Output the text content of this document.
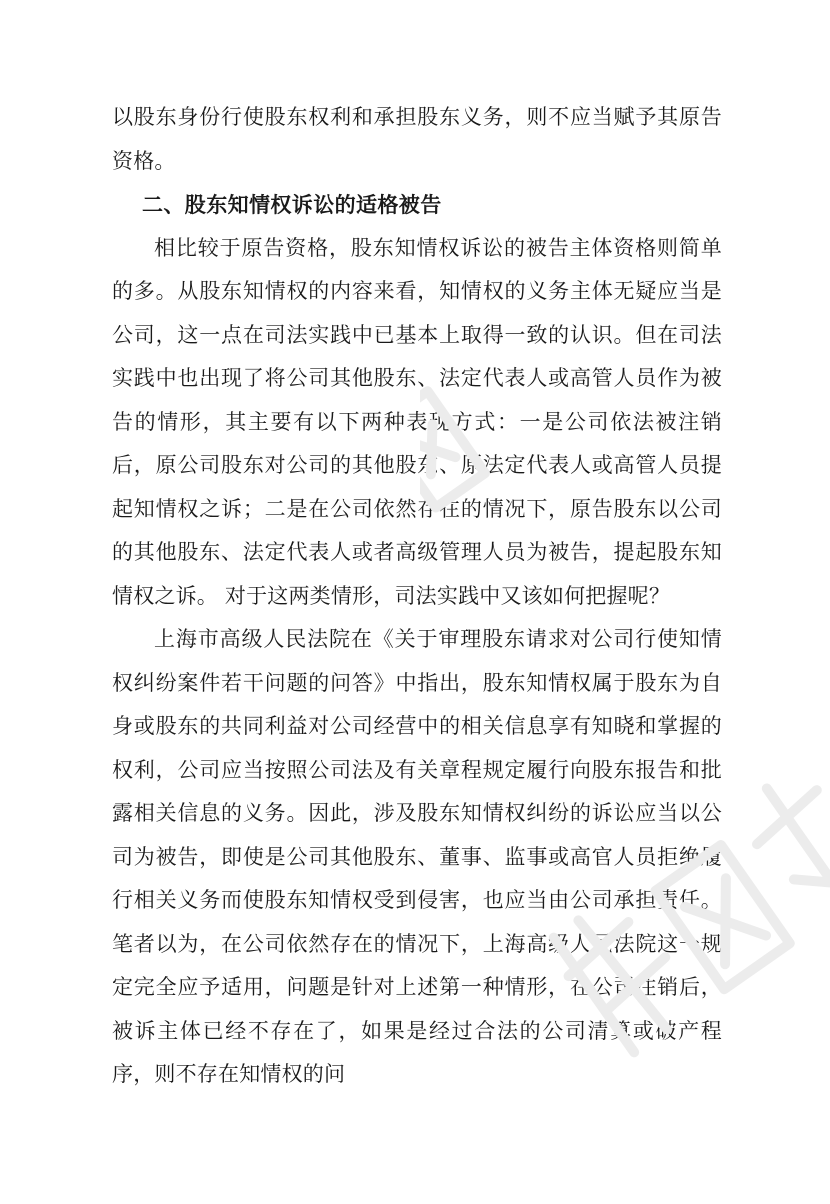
以股东身份行使股东权利和承担股东义务，则不应当赋予其原告资格。

二、股东知情权诉讼的适格被告

相比较于原告资格，股东知情权诉讼的被告主体资格则简单的多。从股东知情权的内容来看，知情权的义务主体无疑应当是公司，这一点在司法实践中已基本上取得一致的认识。但在司法实践中也出现了将公司其他股东、法定代表人或高管人员作为被告的情形，其主要有以下两种表现方式：一是公司依法被注销后，原公司股东对公司的其他股东、原法定代表人或高管人员提起知情权之诉；二是在公司依然存在的情况下，原告股东以公司的其他股东、法定代表人或者高级管理人员为被告，提起股东知情权之诉。 对于这两类情形，司法实践中又该如何把握呢？

上海市高级人民法院在《关于审理股东请求对公司行使知情权纠纷案件若干问题的问答》中指出，股东知情权属于股东为自身或股东的共同利益对公司经营中的相关信息享有知晓和掌握的权利，公司应当按照公司法及有关章程规定履行向股东报告和批露相关信息的义务。因此，涉及股东知情权纠纷的诉讼应当以公司为被告，即使是公司其他股东、董事、监事或高官人员拒绝履行相关义务而使股东知情权受到侵害，也应当由公司承担责任。笔者以为，在公司依然存在的情况下，上海高级人民法院这一规定完全应予适用，问题是针对上述第一种情形，在公司注销后，被诉主体已经不存在了，如果是经过合法的公司清算或破产程序，则不存在知情权的问
